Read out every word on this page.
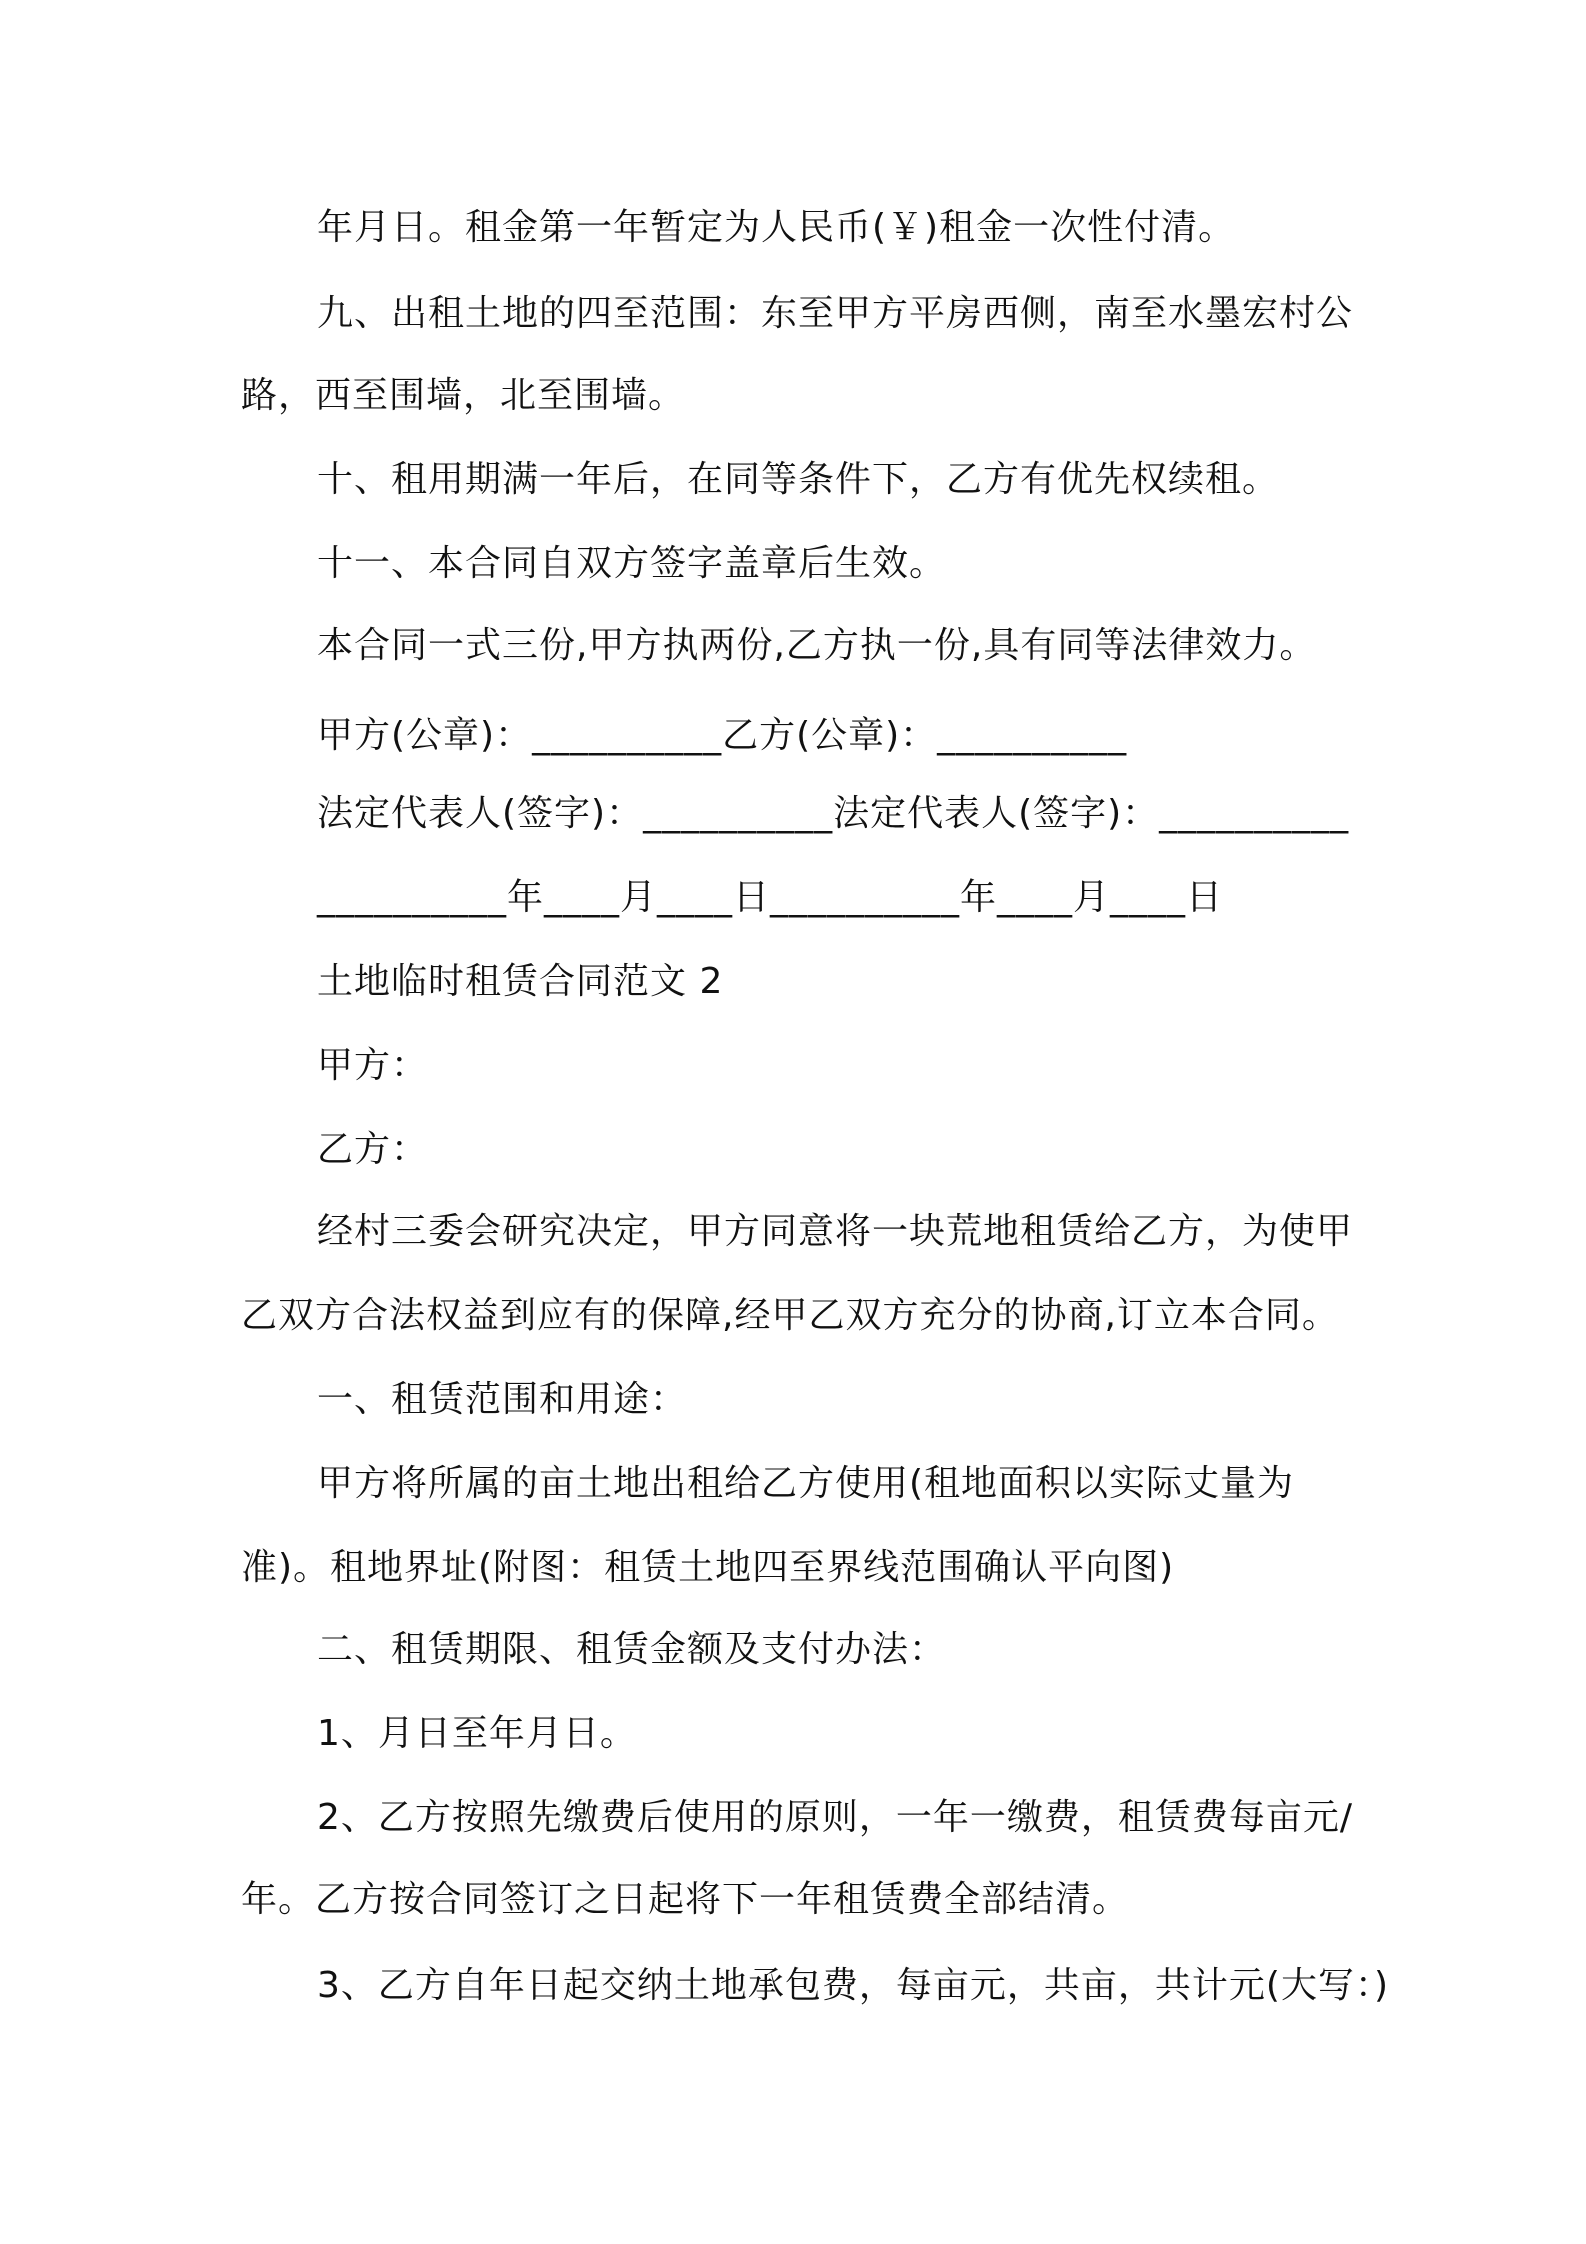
年月日。租金第一年暂定为人民币(￥)租金一次性付清。
九、出租土地的四至范围：东至甲方平房西侧，南至水墨宏村公
路，西至围墙，北至围墙。
十、租用期满一年后，在同等条件下，乙方有优先权续租。
十一、本合同自双方签字盖章后生效。
本合同一式三份,甲方执两份,乙方执一份,具有同等法律效力。
甲方(公章)：__________乙方(公章)：__________
法定代表人(签字)：__________法定代表人(签字)：__________
__________年____月____日__________年____月____日
土地临时租赁合同范文 2
甲方：
乙方：
经村三委会研究决定，甲方同意将一块荒地租赁给乙方，为使甲
乙双方合法权益到应有的保障,经甲乙双方充分的协商,订立本合同。
一、租赁范围和用途：
甲方将所属的亩土地出租给乙方使用(租地面积以实际丈量为
准)。租地界址(附图：租赁土地四至界线范围确认平向图)
二、租赁期限、租赁金额及支付办法：
1、月日至年月日。
2、乙方按照先缴费后使用的原则，一年一缴费，租赁费每亩元/
年。乙方按合同签订之日起将下一年租赁费全部结清。
3、乙方自年日起交纳土地承包费，每亩元，共亩，共计元(大写：)
